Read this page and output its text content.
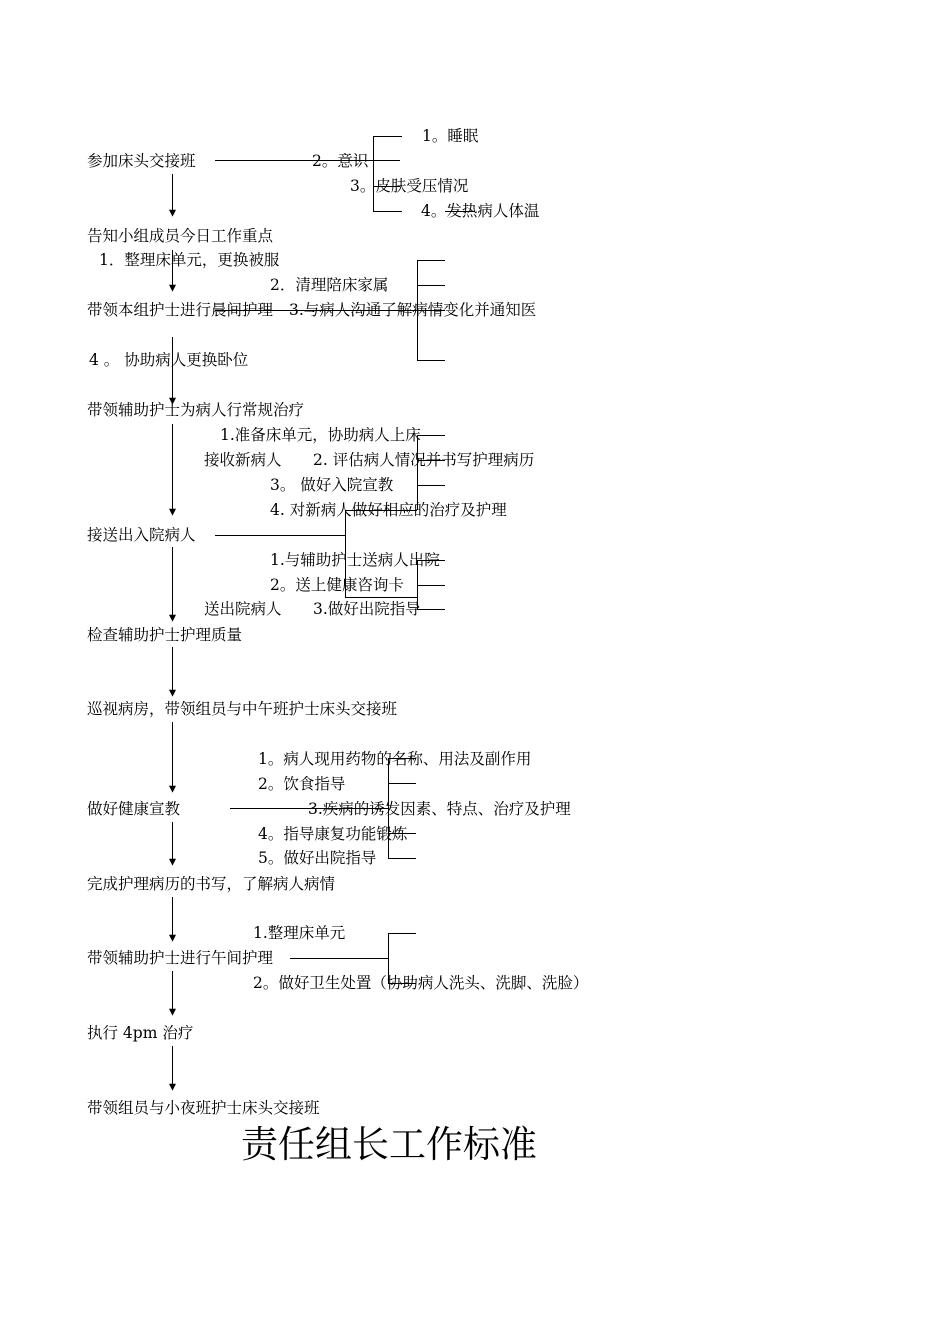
参加床头交接班
告知小组成员今日工作重点
带领本组护士进行晨间护理
带领辅助护士为病人行常规治疗
接送出入院病人
检查辅助护士护理质量
巡视病房，带领组员与中午班护士床头交接班
做好健康宣教
完成护理病历的书写，了解病人病情
带领辅助护士进行午间护理
执行 4pm 治疗
带领组员与小夜班护士床头交接班
1。睡眠
2。意识
3。皮肤受压情况
4。发热病人体温
1．整理床单元，更换被服
2．清理陪床家属
3.与病人沟通了解病情变化并通知医
4 。 协助病人更换卧位
1.准备床单元，协助病人上床
接收新病人 2. 评估病人情况并书写护理病历
3。 做好入院宣教
4. 对新病人做好相应的治疗及护理
1.与辅助护士送病人出院
2。送上健康咨询卡
送出院病人 3.做好出院指导
1。病人现用药物的名称、用法及副作用
2。饮食指导
3.疾病的诱发因素、特点、治疗及护理
4。指导康复功能锻炼
5。做好出院指导
1.整理床单元
2。做好卫生处置（协助病人洗头、洗脚、洗脸）
责任组长工作标准
